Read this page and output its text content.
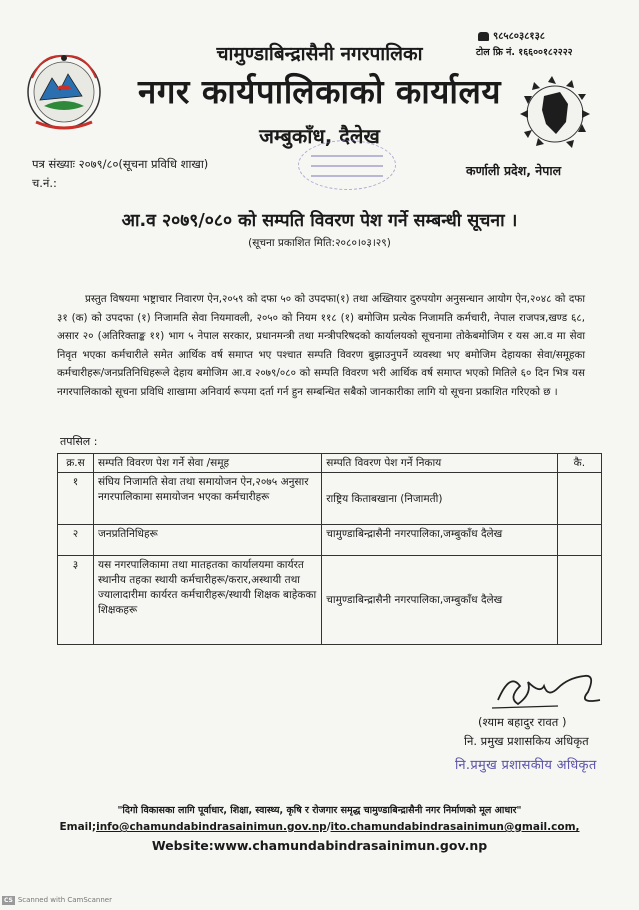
९८५८०३८१३८
टोल फ्रि नं. १६६००१८२२२२
चामुण्डाबिन्द्रासैनी नगरपालिका
नगर कार्यपालिकाको कार्यालय
जम्बुकाँध, दैलेख
पत्र संख्याः २०७९/८०(सूचना प्रविधि शाखा)
च.नं.:
कर्णाली प्रदेश, नेपाल
आ.व २०७९/०८० को सम्पति विवरण पेश गर्ने सम्बन्धी सूचना ।
(सूचना प्रकाशित मिति:२०८०।०३।२९)
प्रस्तुत विषयमा भष्ट्राचार निवारण ऐन,२०५९ को दफा ५० को उपदफा(१) तथा अख्तियार दुरुपयोग अनुसन्धान आयोग ऐन,२०४८ को दफा ३१ (क) को उपदफा (१) निजामति सेवा नियमावली, २०५० को नियम ११८ (१) बमोजिम प्रत्येक निजामति कर्मचारी, नेपाल राजपत्र,खण्ड ६८, असार २० (अतिरिक्ताङ्क ११) भाग ५ नेपाल सरकार, प्रधानमन्त्री तथा मन्त्रीपरिषदको कार्यालयको सूचनामा तोकेबमोजिम र यस आ.व मा सेवा निवृत भएका कर्मचारीले समेत आर्थिक वर्ष समाप्त भए पश्चात सम्पति विवरण बुझाउनुपर्ने व्यवस्था भए बमोजिम देहायका सेवा/समूहका कर्मचारीहरू/जनप्रतिनिधिहरूले देहाय बमोजिम आ.व २०७९/०८० को सम्पति विवरण भरी आर्थिक वर्ष समाप्त भएको मितिले ६० दिन भित्र यस नगरपालिकाको सूचना प्रविधि शाखामा अनिवार्य रूपमा दर्ता गर्न हुन सम्बन्धित सबैको जानकारीका लागि यो सूचना प्रकाशित गरिएको छ ।
तपसिल :
क्र.स	सम्पति विवरण पेश गर्ने सेवा /समूह	सम्पति विवरण पेश गर्ने निकाय	कै.
१	संघिय निजामति सेवा तथा समायोजन ऐन,२०७५ अनुसार नगरपालिकामा समायोजन भएका कर्मचारीहरू	राष्ट्रिय किताबखाना (निजामती)	
२	जनप्रतिनिधिहरू	चामुण्डाबिन्द्रासैनी नगरपालिका,जम्बुकाँध दैलेख	
३	यस नगरपालिकामा तथा मातहतका कार्यालयमा कार्यरत स्थानीय तहका स्थायी कर्मचारीहरू/करार,अस्थायी तथा ज्यालादारीमा कार्यरत कर्मचारीहरू/स्थायी शिक्षक बाहेकका शिक्षकहरू	चामुण्डाबिन्द्रासैनी नगरपालिका,जम्बुकाँध दैलेख	
(श्याम बहादुर रावत )
नि. प्रमुख प्रशासकिय अधिकृत
नि.प्रमुख प्रशासकीय अधिकृत
"दिगो विकासका लागि पूर्वाधार, शिक्षा, स्वास्थ्य, कृषि र रोजगार समृद्ध चामुण्डाबिन्द्रासैनी नगर निर्माणको मूल आधार"
Email;info@chamundabindrasainimun.gov.np/ito.chamundabindrasainimun@gmail.com,
Website:www.chamundabindrasainimun.gov.np
CS Scanned with CamScanner
